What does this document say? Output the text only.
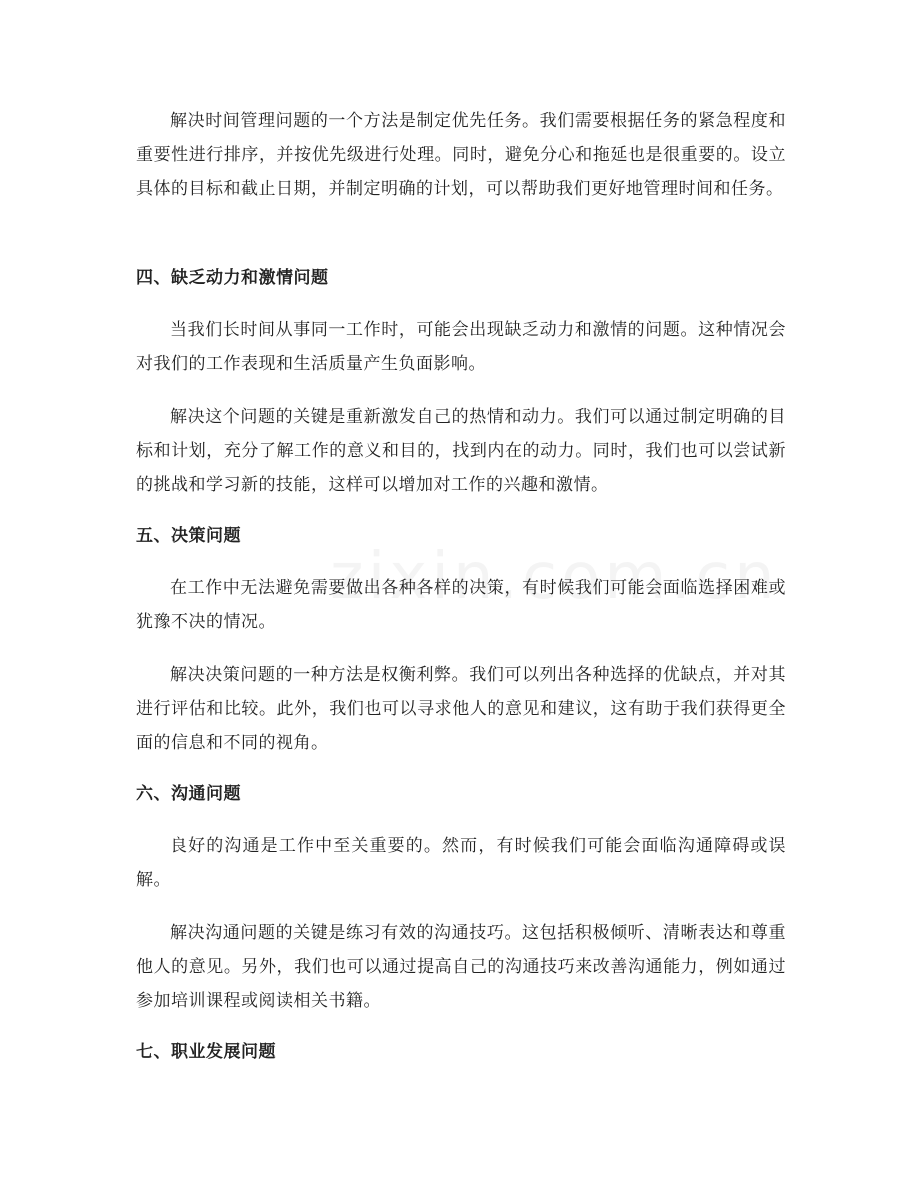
解决时间管理问题的一个方法是制定优先任务。我们需要根据任务的紧急程度和重要性进行排序，并按优先级进行处理。同时，避免分心和拖延也是很重要的。设立具体的目标和截止日期，并制定明确的计划，可以帮助我们更好地管理时间和任务。

四、缺乏动力和激情问题

当我们长时间从事同一工作时，可能会出现缺乏动力和激情的问题。这种情况会对我们的工作表现和生活质量产生负面影响。

解决这个问题的关键是重新激发自己的热情和动力。我们可以通过制定明确的目标和计划，充分了解工作的意义和目的，找到内在的动力。同时，我们也可以尝试新的挑战和学习新的技能，这样可以增加对工作的兴趣和激情。

五、决策问题

在工作中无法避免需要做出各种各样的决策，有时候我们可能会面临选择困难或犹豫不决的情况。

解决决策问题的一种方法是权衡利弊。我们可以列出各种选择的优缺点，并对其进行评估和比较。此外，我们也可以寻求他人的意见和建议，这有助于我们获得更全面的信息和不同的视角。

六、沟通问题

良好的沟通是工作中至关重要的。然而，有时候我们可能会面临沟通障碍或误解。

解决沟通问题的关键是练习有效的沟通技巧。这包括积极倾听、清晰表达和尊重他人的意见。另外，我们也可以通过提高自己的沟通技巧来改善沟通能力，例如通过参加培训课程或阅读相关书籍。

七、职业发展问题
